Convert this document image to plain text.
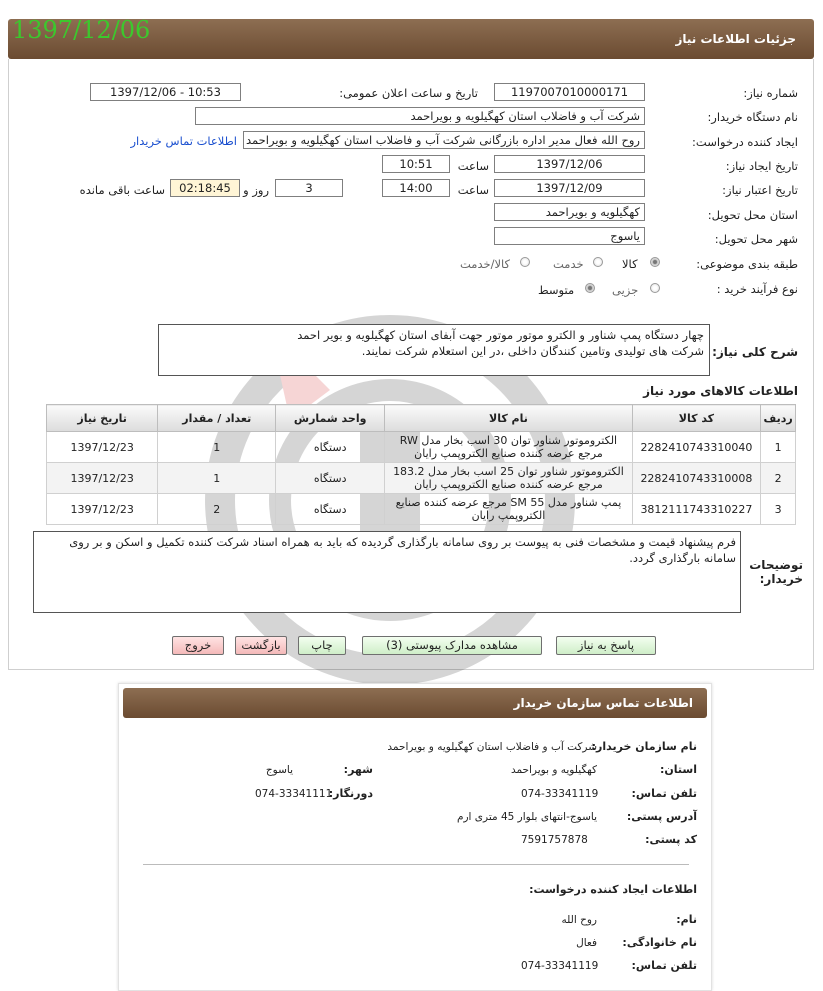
جزئیات اطلاعات نیاز
1397/12/06
شماره نیاز:
1197007010000171
تاریخ و ساعت اعلان عمومی:
1397/12/06 - 10:53
نام دستگاه خریدار:
شرکت آب و فاضلاب استان کهگیلویه و بویراحمد
ایجاد کننده درخواست:
روح الله فعال مدیر اداره بازرگانی شرکت آب و فاضلاب استان کهگیلویه و بویراحمد
اطلاعات تماس خریدار
تاریخ ایجاد نیاز:
1397/12/06
ساعت
10:51
تاریخ اعتبار نیاز:
1397/12/09
ساعت
14:00
3
روز و
02:18:45
ساعت باقی مانده
استان محل تحویل:
کهگیلویه و بویراحمد
شهر محل تحویل:
یاسوج
طبقه بندی موضوعی:
کالا
خدمت
کالا/خدمت
نوع فرآیند خرید :
جزیی
متوسط
شرح کلی نیاز:
چهار دستگاه پمپ شناور و الکترو موتور موتور جهت آبفای استان کهگیلویه و بویر احمد
شرکت های تولیدی وتامین کنندگان داخلی ،در این استعلام شرکت نمایند.
اطلاعات کالاهای مورد نیاز
ردیف	کد کالا	نام کالا	واحد شمارش	تعداد / مقدار	تاریخ نیاز
1	2282410743310040	الکتروموتور شناور توان 30 اسب بخار مدل RW مرجع عرضه کننده صنایع الکتروپمپ رایان	دستگاه	1	1397/12/23
2	2282410743310008	الکتروموتور شناور توان 25 اسب بخار مدل 183.2 مرجع عرضه کننده صنایع الکتروپمپ رایان	دستگاه	1	1397/12/23
3	3812111743310227	پمپ شناور مدل SM 55 مرجع عرضه کننده صنایع الکتروپمپ رایان	دستگاه	2	1397/12/23
فرم پیشنهاد قیمت و مشخصات فنی به پیوست بر روی سامانه بارگذاری گردیده که باید به همراه اسناد شرکت کننده تکمیل و اسکن و بر روی سامانه بارگذاری گردد.	توضیحات خریدار:
پاسخ به نیاز
مشاهده مدارک پیوستی (3)
چاپ
بازگشت
خروج
اطلاعات تماس سازمان خریدار
نام سازمان خریدار:
شرکت آب و فاضلاب استان کهگیلویه و بویراحمد
استان:
کهگیلویه و بویراحمد
شهر:
یاسوج
تلفن تماس:
074-33341119
دورنگار:
074-33341111
آدرس پستی:
یاسوج-انتهای بلوار 45 متری ارم
کد پستی:
7591757878
اطلاعات ایجاد کننده درخواست:
نام:
روح الله
نام خانوادگی:
فعال
تلفن تماس:
074-33341119
